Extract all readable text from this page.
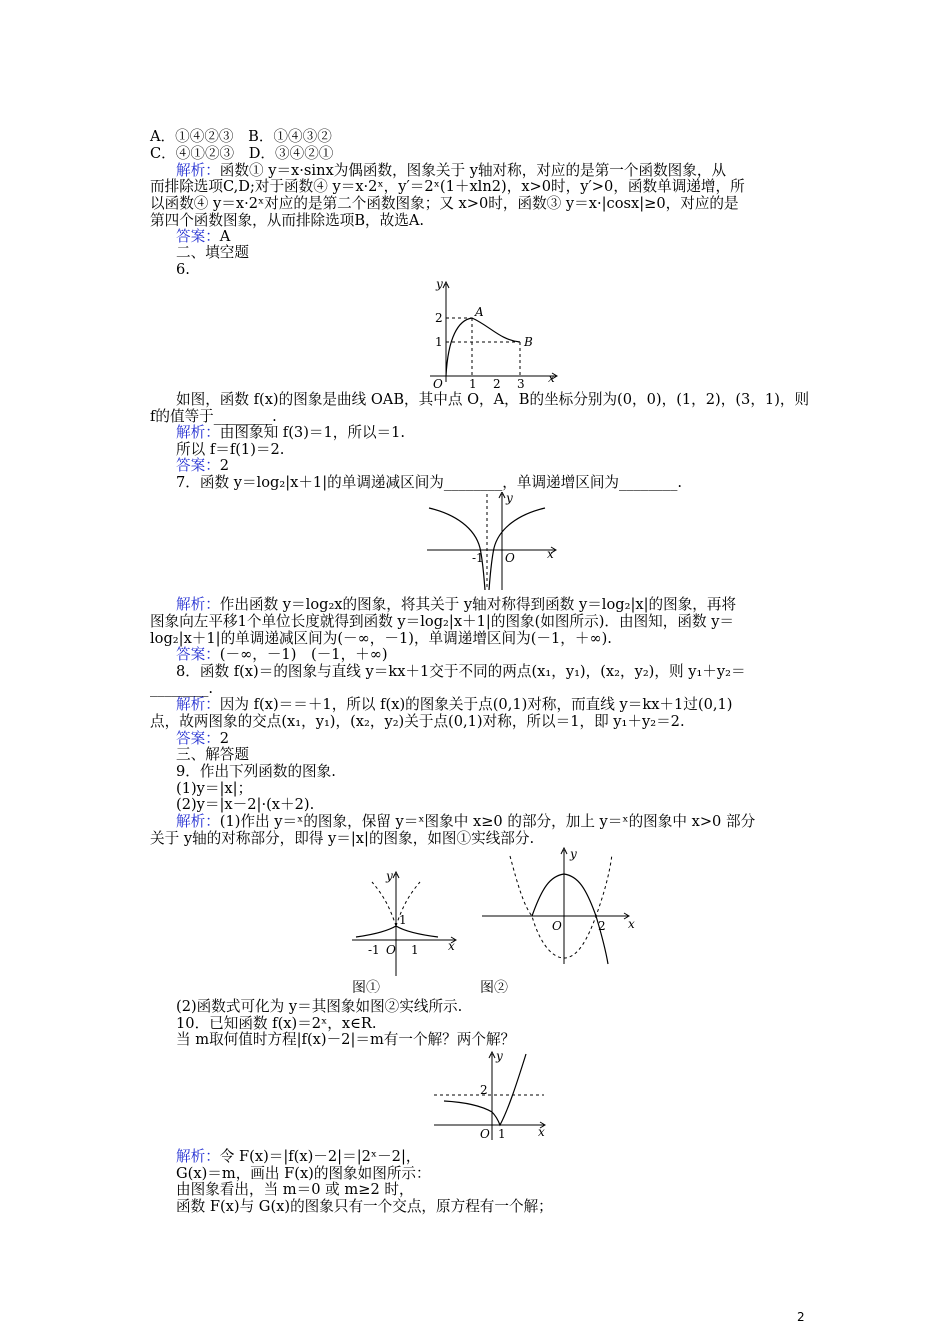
A．①④②③　B．①④③②
C．④①②③　D．③④②①
解析：函数① y＝x·sinx为偶函数，图象关于 y轴对称，对应的是第一个函数图象，从
而排除选项C,D;对于函数④ y＝x·2ˣ，y′＝2ˣ(1＋xln2)，x>0时，y′>0，函数单调递增，所
以函数④ y＝x·2ˣ对应的是第二个函数图象；又 x>0时，函数③ y＝x·|cosx|≥0，对应的是
第四个函数图象，从而排除选项B，故选A.
答案：A
二、填空题
6.
如图，函数 f(x)的图象是曲线 OAB，其中点 O，A，B的坐标分别为(0，0)，(1，2)，(3，1)，则
f的值等于________.
解析：由图象知 f(3)＝1，所以＝1.
所以 f＝f(1)＝2.
答案：2
7．函数 y＝log₂|x＋1|的单调递减区间为________，单调递增区间为________.
解析：作出函数 y＝log₂x的图象，将其关于 y轴对称得到函数 y＝log₂|x|的图象，再将
图象向左平移1个单位长度就得到函数 y＝log₂|x＋1|的图象(如图所示)．由图知，函数 y＝
log₂|x＋1|的单调递减区间为(－∞，－1)，单调递增区间为(－1，＋∞).
答案：(－∞，－1)　(－1，＋∞)
8．函数 f(x)＝的图象与直线 y＝kx＋1交于不同的两点(x₁，y₁)，(x₂，y₂)，则 y₁＋y₂＝
________.
解析：因为 f(x)＝＝＋1，所以 f(x)的图象关于点(0,1)对称，而直线 y＝kx＋1过(0,1)
点，故两图象的交点(x₁，y₁)，(x₂，y₂)关于点(0,1)对称，所以＝1，即 y₁＋y₂＝2.
答案：2
三、解答题
9．作出下列函数的图象.
(1)y＝|x|；
(2)y＝|x－2|·(x＋2).
解析：(1)作出 y＝ˣ的图象，保留 y＝ˣ图象中 x≥0 的部分，加上 y＝ˣ的图象中 x>0 部分
关于 y轴的对称部分，即得 y＝|x|的图象，如图①实线部分.
(2)函数式可化为 y＝其图象如图②实线所示.
10．已知函数 f(x)＝2ˣ，x∈R.
当 m取何值时方程|f(x)－2|＝m有一个解？两个解？
解析：令 F(x)＝|f(x)－2|＝|2ˣ－2|，
G(x)＝m，画出 F(x)的图象如图所示：
由图象看出，当 m＝0 或 m≥2 时，
函数 F(x)与 G(x)的图象只有一个交点，原方程有一个解；
y
x
O 1 2 3
1
2	A
B
y
x
O
-1
y
x
O
-1	1
1
图①
y
x
O	2
图②
y
x
O 1
2
2
